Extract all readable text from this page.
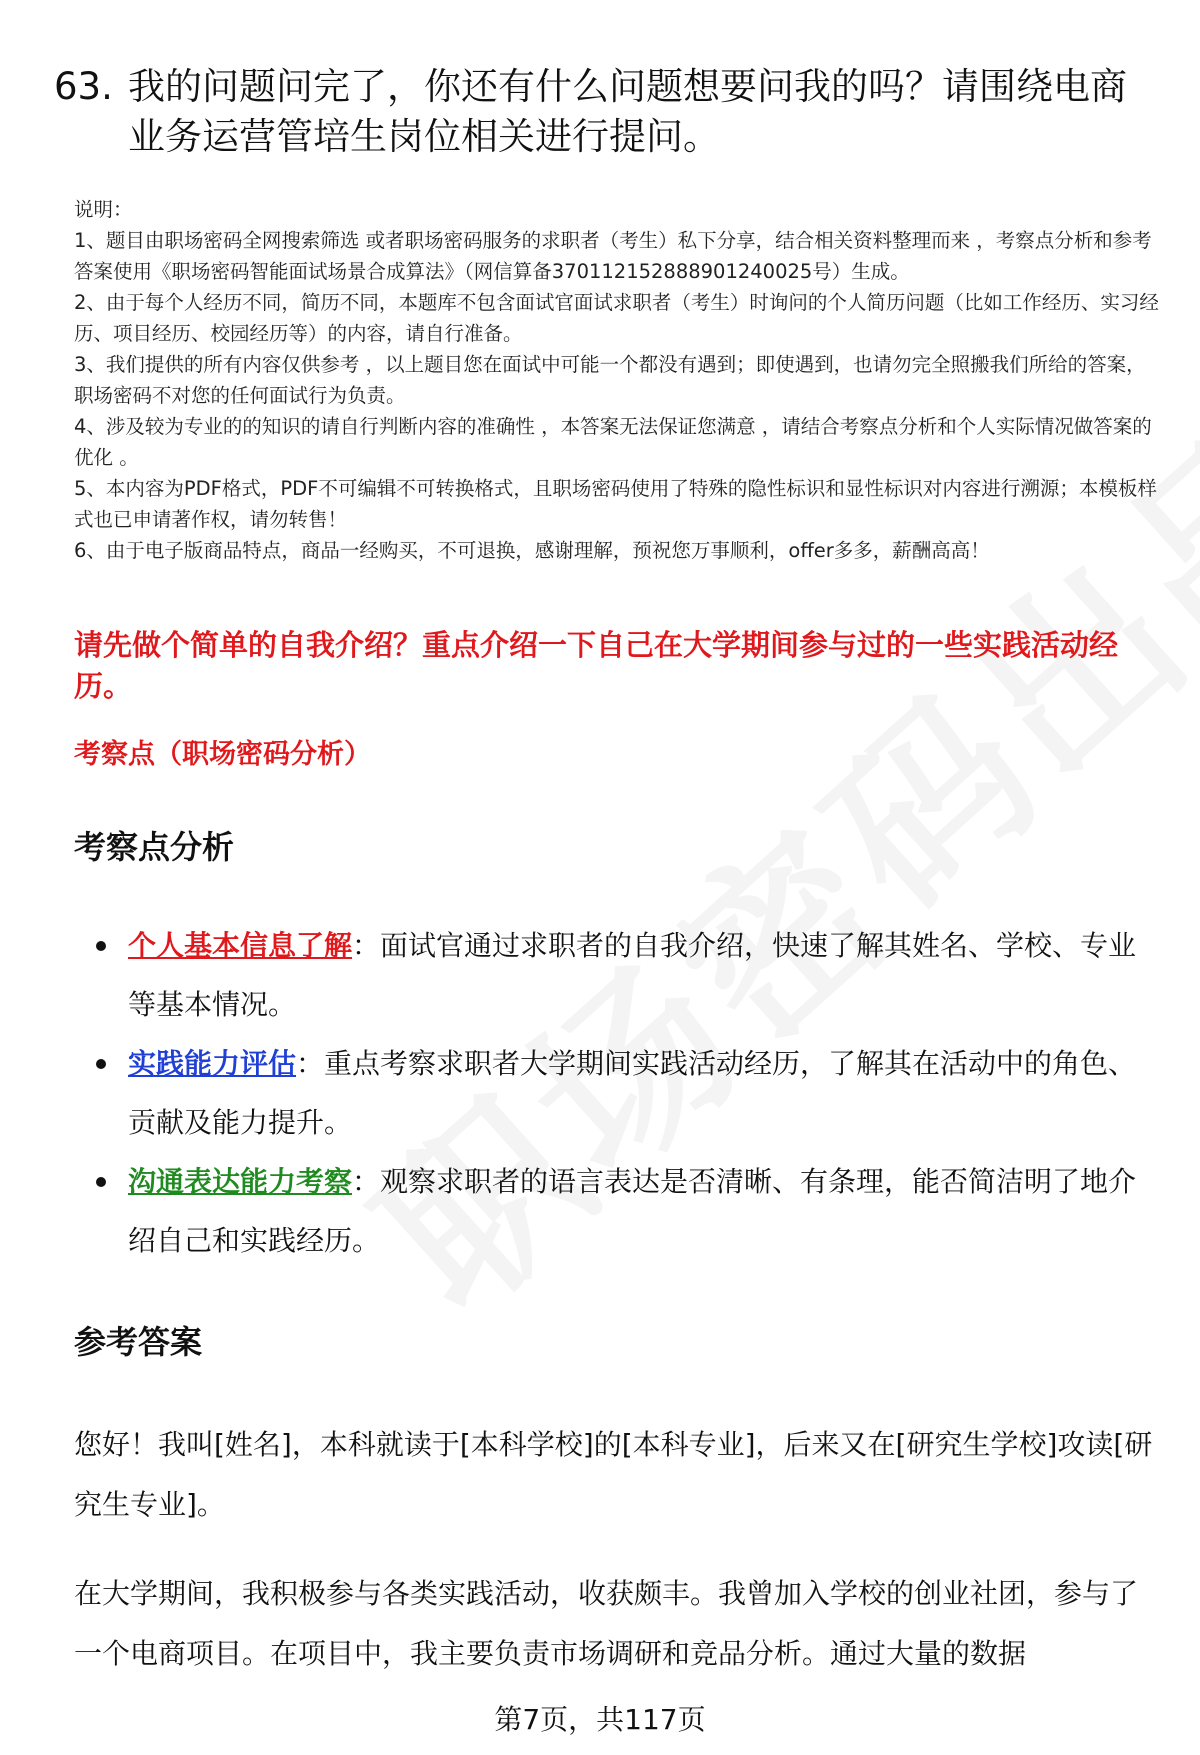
63. 我的问题问完了，你还有什么问题想要问我的吗？请围绕电商业务运营管培生岗位相关进行提问。

说明：

1、题目由职场密码全网搜索筛选 或者职场密码服务的求职者（考生）私下分享，结合相关资料整理而来 ，考察点分析和参考答案使用《职场密码智能面试场景合成算法》（网信算备370112152888901240025号）生成。

2、由于每个人经历不同，简历不同，本题库不包含面试官面试求职者（考生）时询问的个人简历问题（比如工作经历、实习经历、项目经历、校园经历等）的内容，请自行准备。

3、我们提供的所有内容仅供参考 ，以上题目您在面试中可能一个都没有遇到；即使遇到，也请勿完全照搬我们所给的答案，职场密码不对您的任何面试行为负责。

4、涉及较为专业的的知识的请自行判断内容的准确性 ，本答案无法保证您满意 ，请结合考察点分析和个人实际情况做答案的优化 。

5、本内容为PDF格式，PDF不可编辑不可转换格式，且职场密码使用了特殊的隐性标识和显性标识对内容进行溯源；本模板样式也已申请著作权，请勿转售！

6、由于电子版商品特点，商品一经购买，不可退换，感谢理解，预祝您万事顺利，offer多多，薪酬高高！

请先做个简单的自我介绍？重点介绍一下自己在大学期间参与过的一些实践活动经历。
考察点（职场密码分析）
考察点分析
个人基本信息了解：面试官通过求职者的自我介绍，快速了解其姓名、学校、专业等基本情况。
实践能力评估：重点考察求职者大学期间实践活动经历，了解其在活动中的角色、贡献及能力提升。
沟通表达能力考察：观察求职者的语言表达是否清晰、有条理，能否简洁明了地介绍自己和实践经历。
参考答案
您好！我叫[姓名]，本科就读于[本科学校]的[本科专业]，后来又在[研究生学校]攻读[研究生专业]。
在大学期间，我积极参与各类实践活动，收获颇丰。我曾加入学校的创业社团，参与了一个电商项目。在项目中，我主要负责市场调研和竞品分析。通过大量的数据
第7页，共117页
